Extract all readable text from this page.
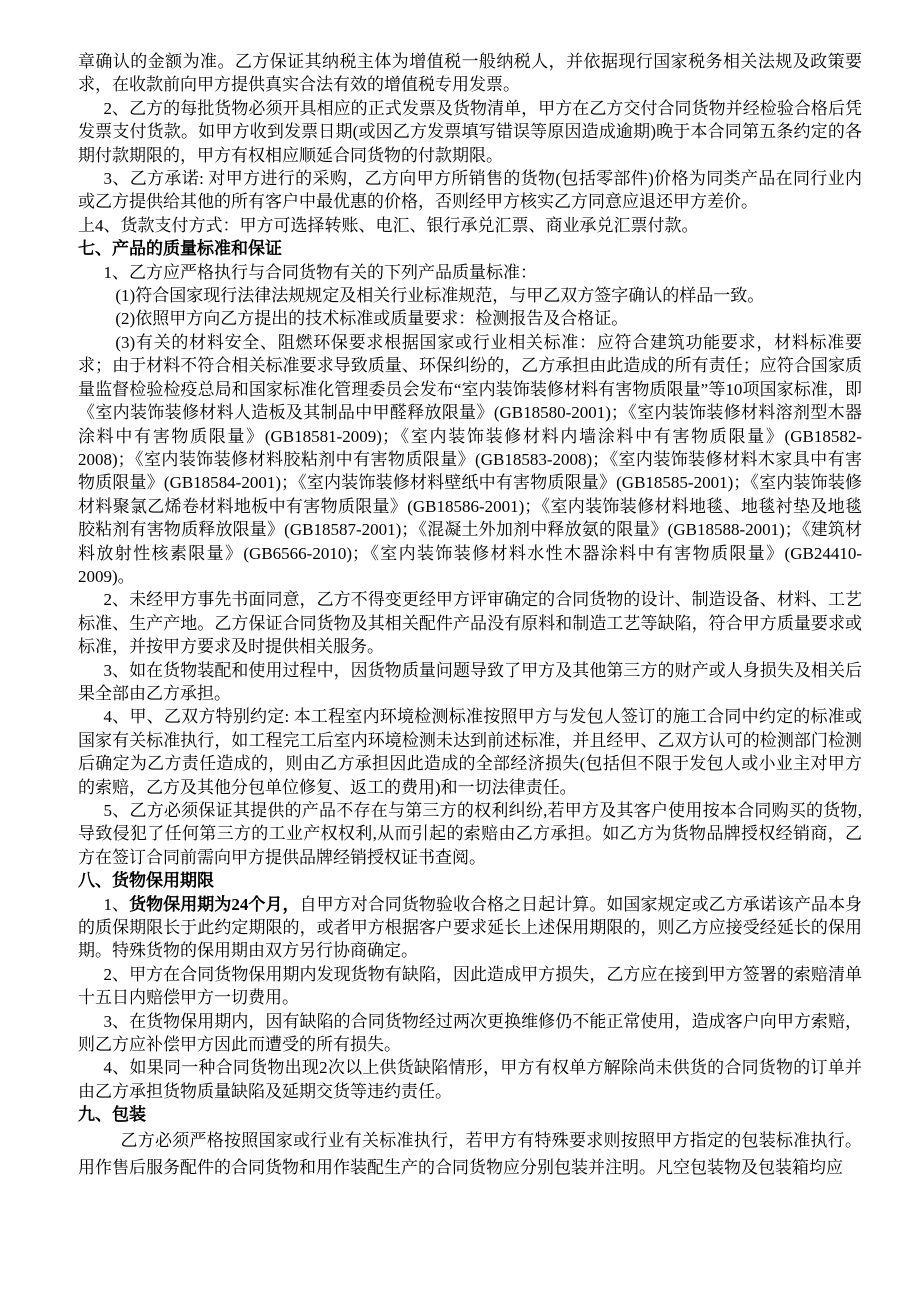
章确认的金额为准。乙方保证其纳税主体为增值税一般纳税人，并依据现行国家税务相关法规及政策要求，在收款前向甲方提供真实合法有效的增值税专用发票。

2、乙方的每批货物必须开具相应的正式发票及货物清单，甲方在乙方交付合同货物并经检验合格后凭发票支付货款。如甲方收到发票日期(或因乙方发票填写错误等原因造成逾期)晚于本合同第五条约定的各期付款期限的，甲方有权相应顺延合同货物的付款期限。

3、乙方承诺: 对甲方进行的采购，乙方向甲方所销售的货物(包括零部件)价格为同类产品在同行业内或乙方提供给其他的所有客户中最优惠的价格，否则经甲方核实乙方同意应退还甲方差价。

上4、货款支付方式：甲方可选择转账、电汇、银行承兑汇票、商业承兑汇票付款。

七、产品的质量标准和保证

1、乙方应严格执行与合同货物有关的下列产品质量标准：

(1)符合国家现行法律法规规定及相关行业标准规范，与甲乙双方签字确认的样品一致。

(2)依照甲方向乙方提出的技术标准或质量要求：检测报告及合格证。

(3)有关的材料安全、阻燃环保要求根据国家或行业相关标准：应符合建筑功能要求，材料标准要求；由于材料不符合相关标准要求导致质量、环保纠纷的，乙方承担由此造成的所有责任；应符合国家质量监督检验检疫总局和国家标准化管理委员会发布“室内装饰装修材料有害物质限量”等10项国家标准，即《室内装饰装修材料人造板及其制品中甲醛释放限量》(GB18580-2001)；《室内装饰装修材料溶剂型木器涂料中有害物质限量》(GB18581-2009)；《室内装饰装修材料内墙涂料中有害物质限量》(GB18582-2008)；《室内装饰装修材料胶粘剂中有害物质限量》(GB18583-2008)；《室内装饰装修材料木家具中有害物质限量》(GB18584-2001)；《室内装饰装修材料壁纸中有害物质限量》(GB18585-2001)；《室内装饰装修材料聚氯乙烯卷材料地板中有害物质限量》(GB18586-2001)；《室内装饰装修材料地毯、地毯衬垫及地毯胶粘剂有害物质释放限量》(GB18587-2001)；《混凝土外加剂中释放氨的限量》(GB18588-2001)；《建筑材料放射性核素限量》(GB6566-2010)；《室内装饰装修材料水性木器涂料中有害物质限量》(GB24410-2009)。

2、未经甲方事先书面同意，乙方不得变更经甲方评审确定的合同货物的设计、制造设备、材料、工艺标准、生产产地。乙方保证合同货物及其相关配件产品没有原料和制造工艺等缺陷，符合甲方质量要求或标准，并按甲方要求及时提供相关服务。

3、如在货物装配和使用过程中，因货物质量问题导致了甲方及其他第三方的财产或人身损失及相关后果全部由乙方承担。

4、甲、乙双方特别约定: 本工程室内环境检测标准按照甲方与发包人签订的施工合同中约定的标准或国家有关标准执行，如工程完工后室内环境检测未达到前述标准，并且经甲、乙双方认可的检测部门检测后确定为乙方责任造成的，则由乙方承担因此造成的全部经济损失(包括但不限于发包人或小业主对甲方的索赔，乙方及其他分包单位修复、返工的费用)和一切法律责任。

5、乙方必须保证其提供的产品不存在与第三方的权利纠纷,若甲方及其客户使用按本合同购买的货物,导致侵犯了任何第三方的工业产权权利,从而引起的索赔由乙方承担。如乙方为货物品牌授权经销商，乙方在签订合同前需向甲方提供品牌经销授权证书查阅。

八、货物保用期限

1、货物保用期为24个月，自甲方对合同货物验收合格之日起计算。如国家规定或乙方承诺该产品本身的质保期限长于此约定期限的，或者甲方根据客户要求延长上述保用期限的，则乙方应接受经延长的保用期。特殊货物的保用期由双方另行协商确定。

2、甲方在合同货物保用期内发现货物有缺陷，因此造成甲方损失，乙方应在接到甲方签署的索赔清单十五日内赔偿甲方一切费用。

3、在货物保用期内，因有缺陷的合同货物经过两次更换维修仍不能正常使用，造成客户向甲方索赔，则乙方应补偿甲方因此而遭受的所有损失。

4、如果同一种合同货物出现2次以上供货缺陷情形，甲方有权单方解除尚未供货的合同货物的订单并由乙方承担货物质量缺陷及延期交货等违约责任。

九、包装

乙方必须严格按照国家或行业有关标准执行，若甲方有特殊要求则按照甲方指定的包装标准执行。用作售后服务配件的合同货物和用作装配生产的合同货物应分别包装并注明。凡空包装物及包装箱均应
